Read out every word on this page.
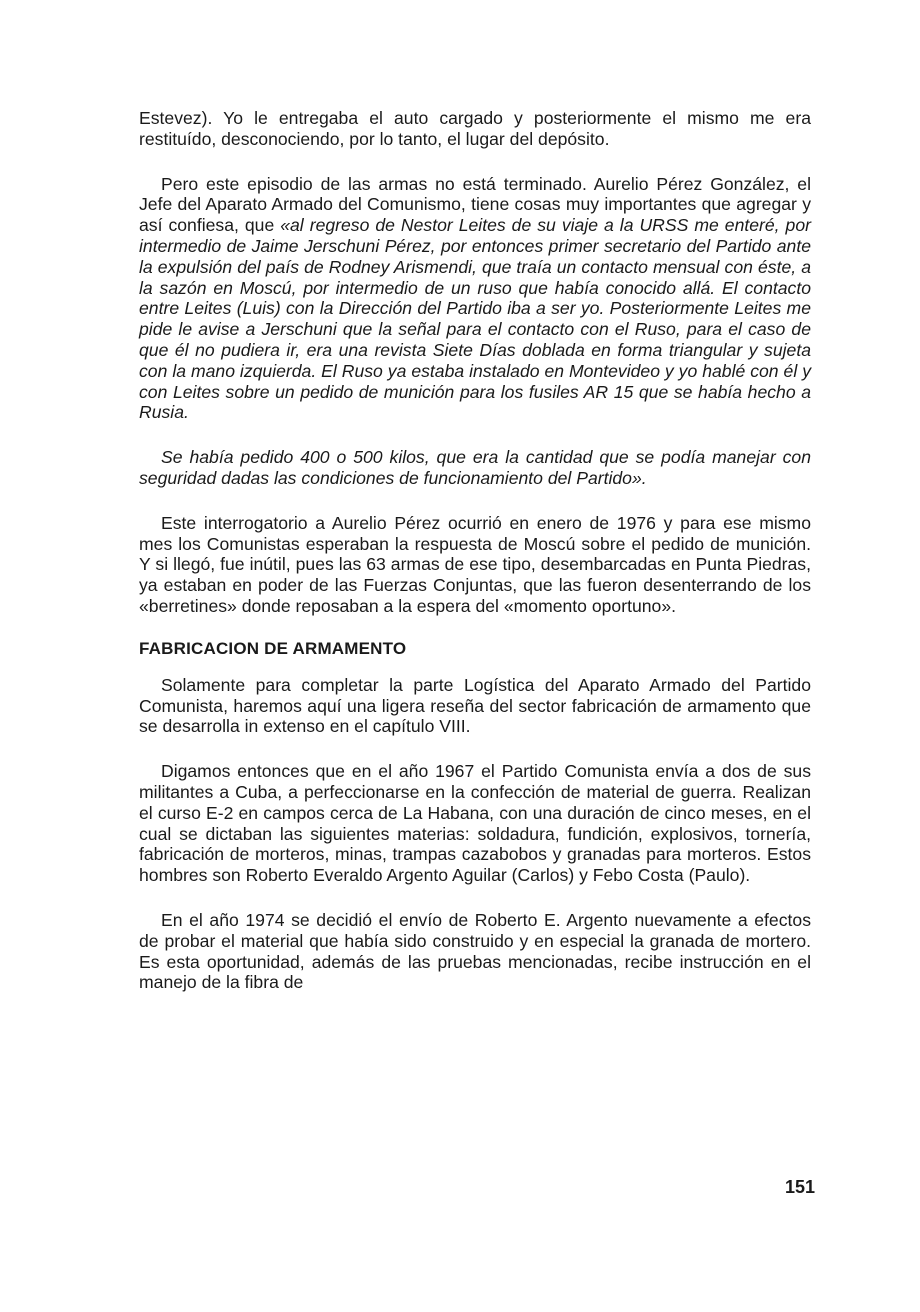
Estevez). Yo le entregaba el auto cargado y posteriormente el mismo me era restituído, desconociendo, por lo tanto, el lugar del depósito.

Pero este episodio de las armas no está terminado. Aurelio Pérez González, el Jefe del Aparato Armado del Comunismo, tiene cosas muy importantes que agregar y así confiesa, que «al regreso de Nestor Leites de su viaje a la URSS me enteré, por intermedio de Jaime Jerschuni Pérez, por entonces primer secretario del Partido ante la expulsión del país de Rodney Arismendi, que traía un contacto mensual con éste, a la sazón en Moscú, por intermedio de un ruso que había conocido allá. El contacto entre Leites (Luis) con la Dirección del Partido iba a ser yo. Posteriormente Leites me pide le avise a Jerschuni que la señal para el contacto con el Ruso, para el caso de que él no pudiera ir, era una revista Siete Días doblada en forma triangular y sujeta con la mano izquierda. El Ruso ya estaba instalado en Montevideo y yo hablé con él y con Leites sobre un pedido de munición para los fusiles AR 15 que se había hecho a Rusia.

Se había pedido 400 o 500 kilos, que era la cantidad que se podía manejar con seguridad dadas las condiciones de funcionamiento del Partido».

Este interrogatorio a Aurelio Pérez ocurrió en enero de 1976 y para ese mismo mes los Comunistas esperaban la respuesta de Moscú sobre el pedido de munición. Y si llegó, fue inútil, pues las 63 armas de ese tipo, desembarcadas en Punta Piedras, ya estaban en poder de las Fuerzas Conjuntas, que las fueron desenterrando de los «berretines» donde reposaban a la espera del «momento oportuno».

FABRICACION DE ARMAMENTO

Solamente para completar la parte Logística del Aparato Armado del Partido Comunista, haremos aquí una ligera reseña del sector fabricación de armamento que se desarrolla in extenso en el capítulo VIII.

Digamos entonces que en el año 1967 el Partido Comunista envía a dos de sus militantes a Cuba, a perfeccionarse en la confección de material de guerra. Realizan el curso E-2 en campos cerca de La Habana, con una duración de cinco meses, en el cual se dictaban las siguientes materias: soldadura, fundición, explosivos, tornería, fabricación de morteros, minas, trampas cazabobos y granadas para morteros. Estos hombres son Roberto Everaldo Argento Aguilar (Carlos) y Febo Costa (Paulo).

En el año 1974 se decidió el envío de Roberto E. Argento nuevamente a efectos de probar el material que había sido construido y en especial la granada de mortero. Es esta oportunidad, además de las pruebas mencionadas, recibe instrucción en el manejo de la fibra de

151
